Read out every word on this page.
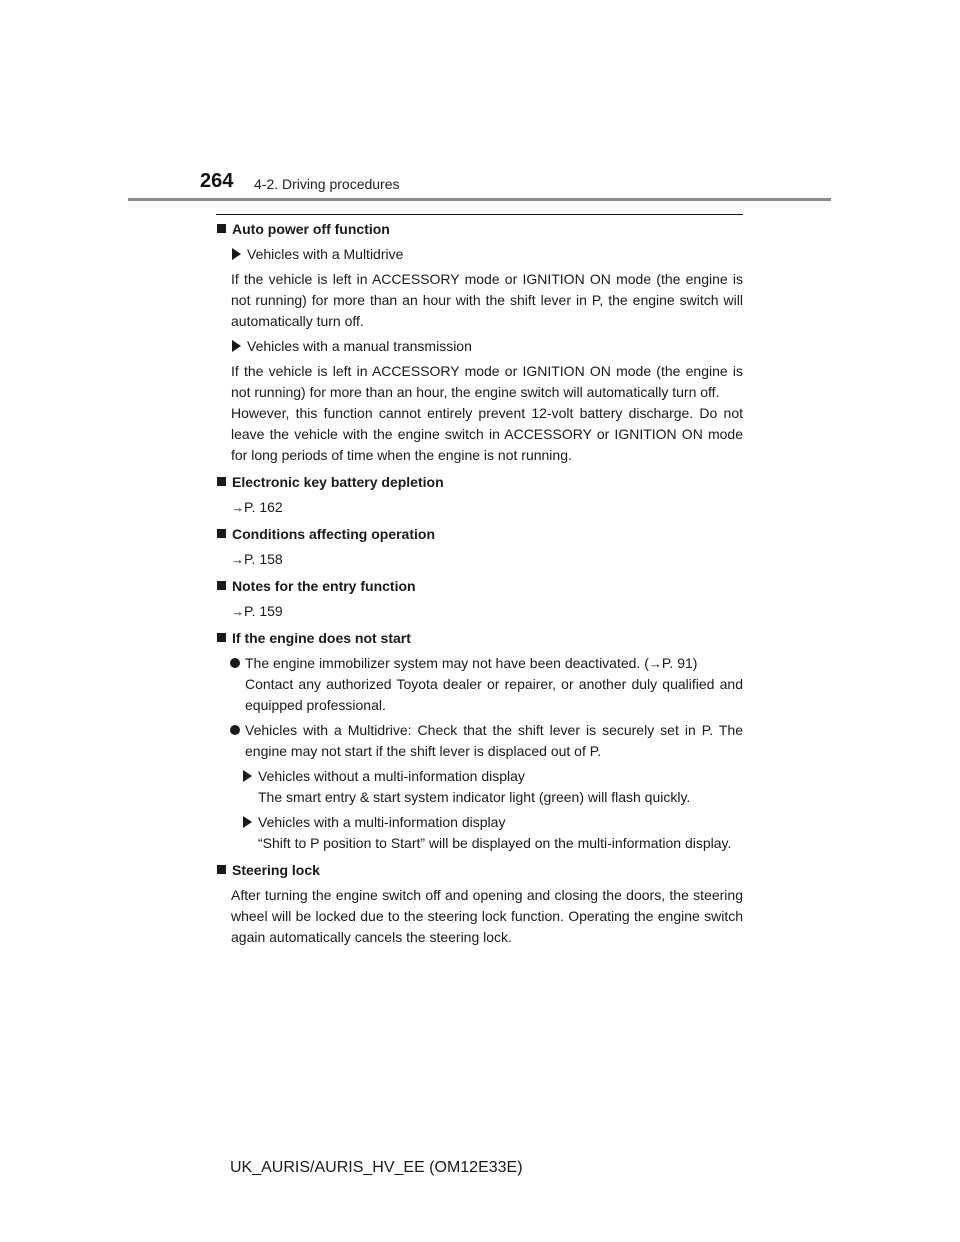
264 4-2. Driving procedures
Auto power off function
Vehicles with a Multidrive
If the vehicle is left in ACCESSORY mode or IGNITION ON mode (the engine is not running) for more than an hour with the shift lever in P, the engine switch will automatically turn off.
Vehicles with a manual transmission
If the vehicle is left in ACCESSORY mode or IGNITION ON mode (the engine is not running) for more than an hour, the engine switch will automatically turn off.
However, this function cannot entirely prevent 12-volt battery discharge. Do not leave the vehicle with the engine switch in ACCESSORY or IGNITION ON mode for long periods of time when the engine is not running.
Electronic key battery depletion
→P. 162
Conditions affecting operation
→P. 158
Notes for the entry function
→P. 159
If the engine does not start
The engine immobilizer system may not have been deactivated. (→P. 91)
Contact any authorized Toyota dealer or repairer, or another duly qualified and equipped professional.
Vehicles with a Multidrive: Check that the shift lever is securely set in P. The engine may not start if the shift lever is displaced out of P.
Vehicles without a multi-information display
The smart entry & start system indicator light (green) will flash quickly.
Vehicles with a multi-information display
“Shift to P position to Start” will be displayed on the multi-information display.
Steering lock
After turning the engine switch off and opening and closing the doors, the steering wheel will be locked due to the steering lock function. Operating the engine switch again automatically cancels the steering lock.
UK_AURIS/AURIS_HV_EE (OM12E33E)
